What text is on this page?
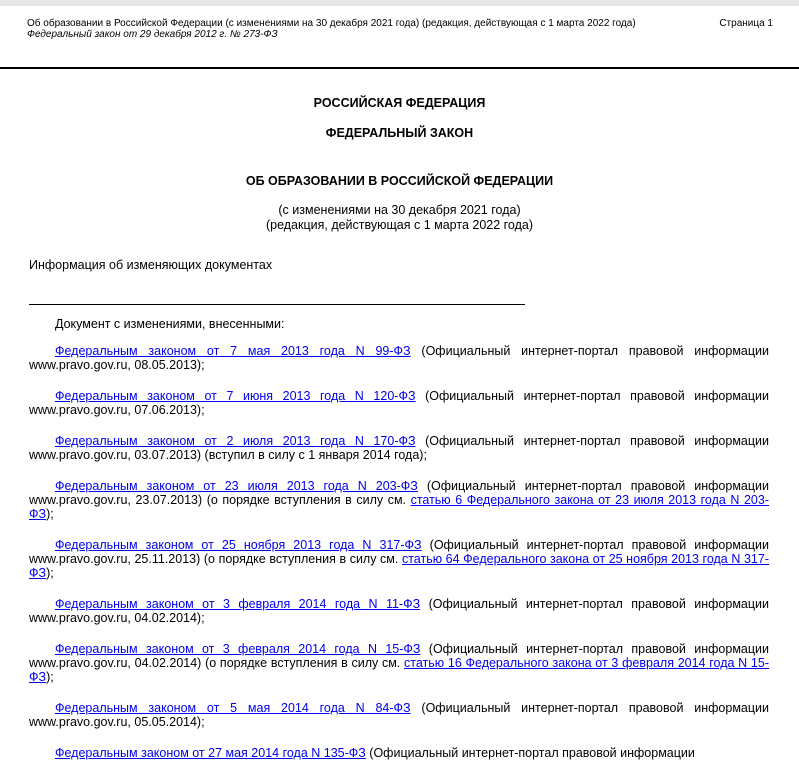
Об образовании в Российской Федерации (с изменениями на 30 декабря 2021 года) (редакция, действующая с 1 марта 2022 года)
Федеральный закон от 29 декабря 2012 г. № 273-ФЗ
Страница 1
РОССИЙСКАЯ ФЕДЕРАЦИЯ
ФЕДЕРАЛЬНЫЙ ЗАКОН
ОБ ОБРАЗОВАНИИ В РОССИЙСКОЙ ФЕДЕРАЦИИ
(с изменениями на 30 декабря 2021 года)
(редакция, действующая с 1 марта 2022 года)
Информация об изменяющих документах
Документ с изменениями, внесенными:

Федеральным законом от 7 мая 2013 года N 99-ФЗ (Официальный интернет-портал правовой информации www.pravo.gov.ru, 08.05.2013);

Федеральным законом от 7 июня 2013 года N 120-ФЗ (Официальный интернет-портал правовой информации www.pravo.gov.ru, 07.06.2013);

Федеральным законом от 2 июля 2013 года N 170-ФЗ (Официальный интернет-портал правовой информации www.pravo.gov.ru, 03.07.2013) (вступил в силу с 1 января 2014 года);

Федеральным законом от 23 июля 2013 года N 203-ФЗ (Официальный интернет-портал правовой информации www.pravo.gov.ru, 23.07.2013) (о порядке вступления в силу см. статью 6 Федерального закона от 23 июля 2013 года N 203-ФЗ);

Федеральным законом от 25 ноября 2013 года N 317-ФЗ (Официальный интернет-портал правовой информации www.pravo.gov.ru, 25.11.2013) (о порядке вступления в силу см. статью 64 Федерального закона от 25 ноября 2013 года N 317-ФЗ);

Федеральным законом от 3 февраля 2014 года N 11-ФЗ (Официальный интернет-портал правовой информации www.pravo.gov.ru, 04.02.2014);

Федеральным законом от 3 февраля 2014 года N 15-ФЗ (Официальный интернет-портал правовой информации www.pravo.gov.ru, 04.02.2014) (о порядке вступления в силу см. статью 16 Федерального закона от 3 февраля 2014 года N 15-ФЗ);

Федеральным законом от 5 мая 2014 года N 84-ФЗ (Официальный интернет-портал правовой информации www.pravo.gov.ru, 05.05.2014);

Федеральным законом от 27 мая 2014 года N 135-ФЗ (Официальный интернет-портал правовой информации
